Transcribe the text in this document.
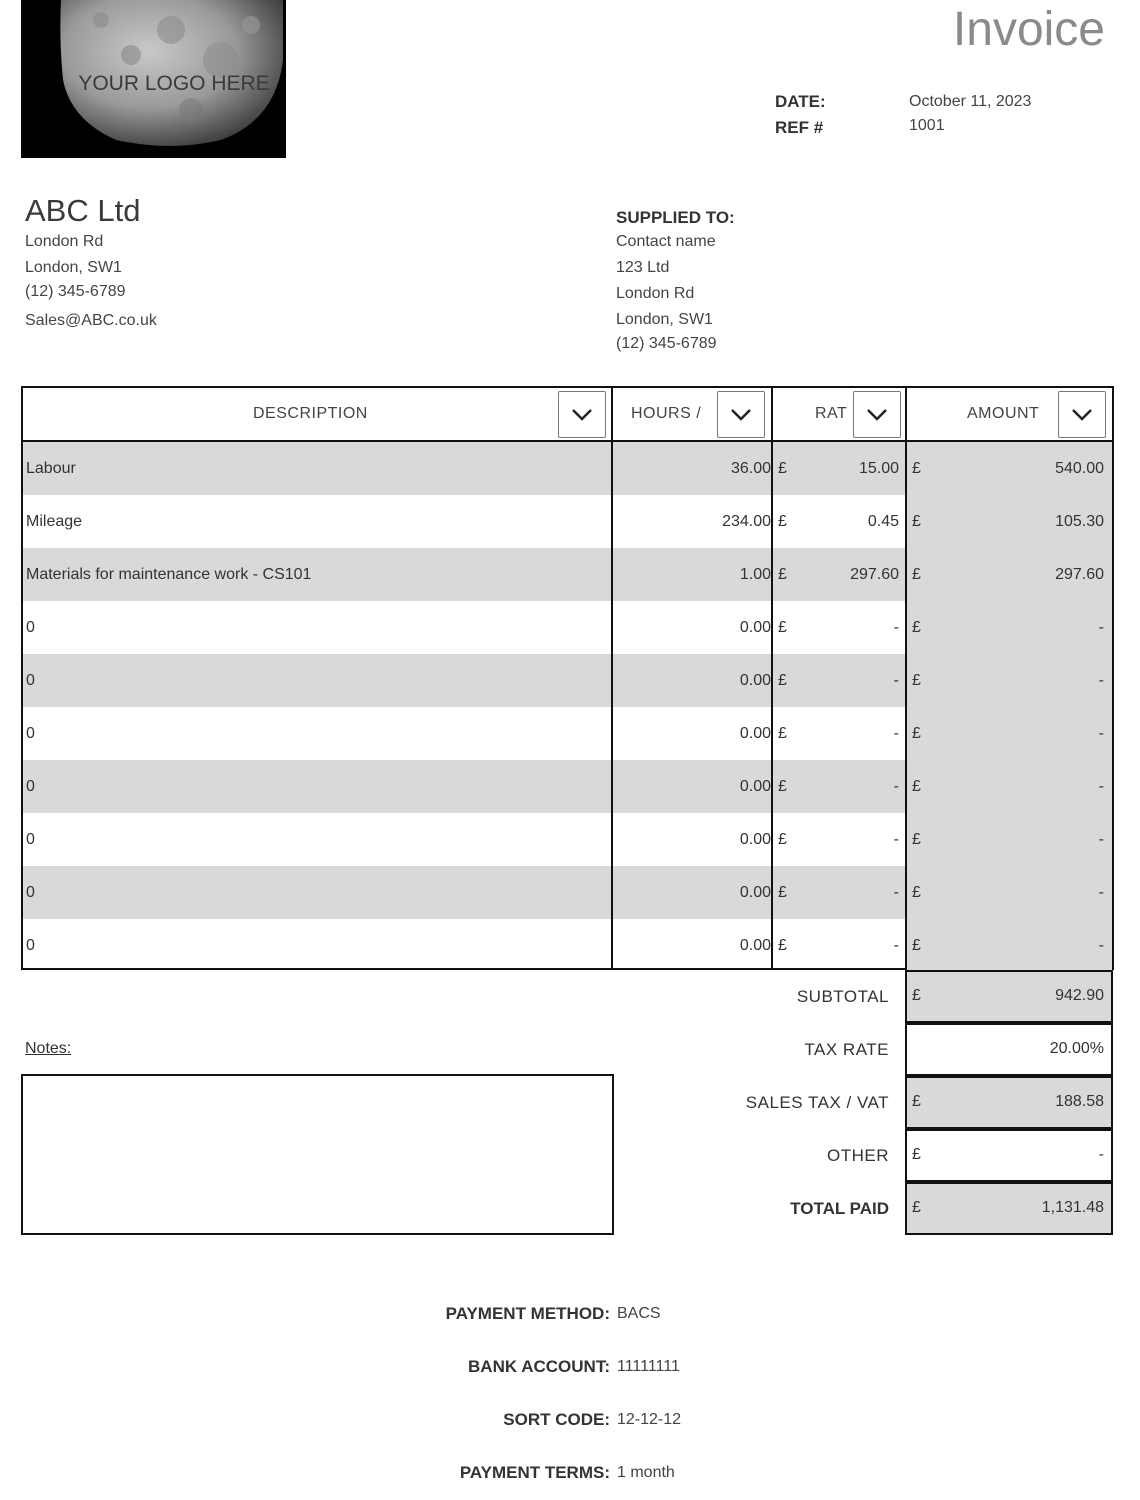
YOUR LOGO HERE
Invoice
DATE:	October 11, 2023
REF #	1001
ABC Ltd
London Rd
London, SW1
(12) 345-6789
Sales@ABC.co.uk
SUPPLIED TO:
Contact name
123 Ltd
London Rd
London, SW1
(12) 345-6789
DESCRIPTION	HOURS /	RAT	AMOUNT
Labour	36.00 £	15.00 £	540.00
Mileage	234.00 £	0.45 £	105.30
Materials for maintenance work - CS101	1.00 £	297.60 £	297.60
0	0.00 £	- £	-
0	0.00 £	- £	-
0	0.00 £	- £	-
0	0.00 £	- £	-
0	0.00 £	- £	-
0	0.00 £	- £	-
0	0.00 £	- £	-
SUBTOTAL £	942.90
TAX RATE	20.00%
SALES TAX / VAT £	188.58
OTHER £	-
TOTAL PAID £	1,131.48
Notes:
PAYMENT METHOD: BACS
BANK ACCOUNT: 11111111
SORT CODE: 12-12-12
PAYMENT TERMS: 1 month
